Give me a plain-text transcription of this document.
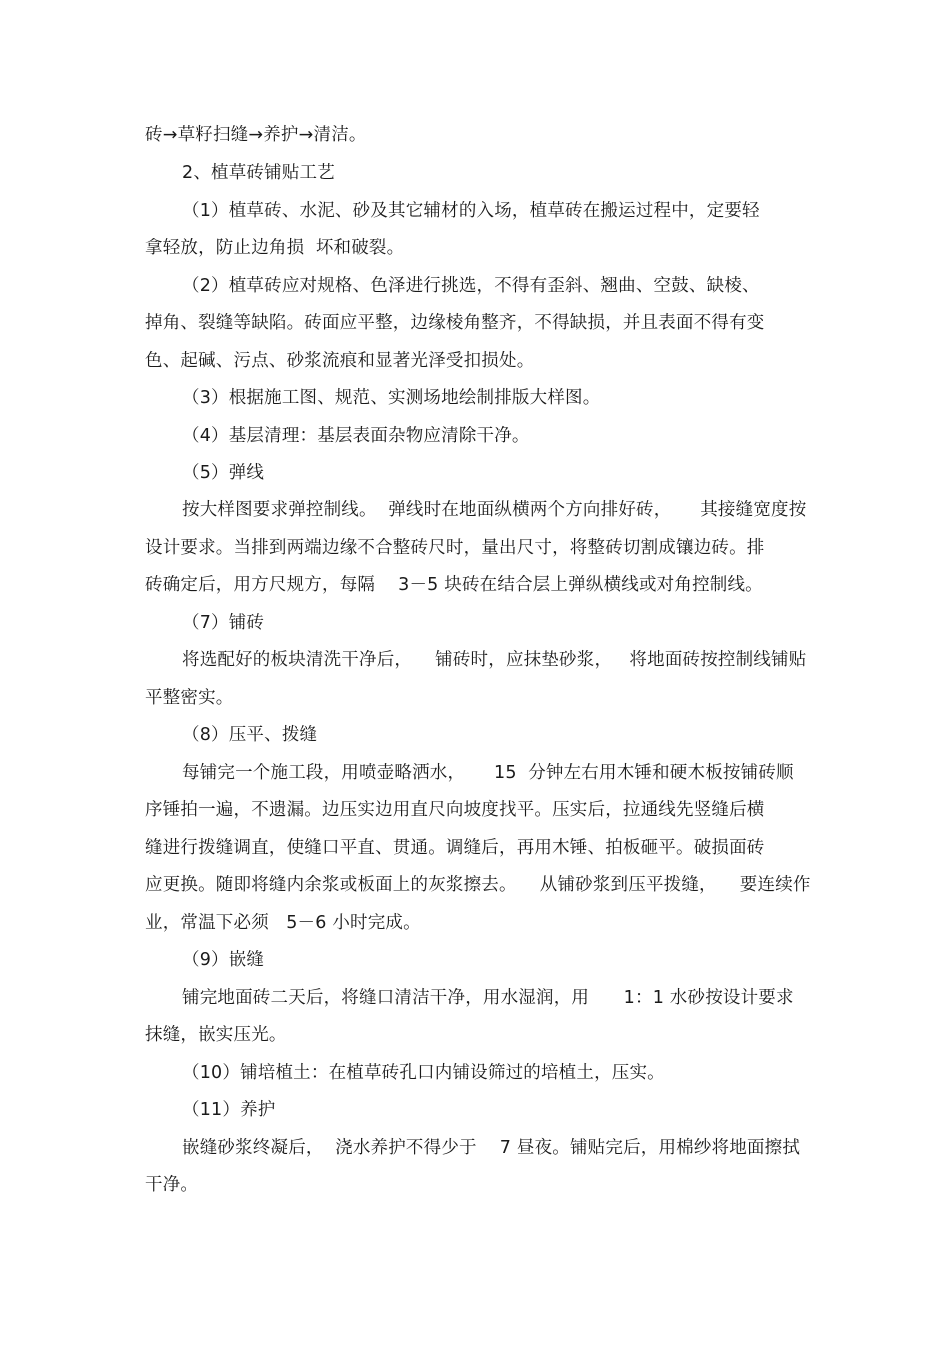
砖→草籽扫缝→养护→清洁。
2、植草砖铺贴工艺
（1）植草砖、水泥、砂及其它辅材的入场，植草砖在搬运过程中，定要轻
拿轻放，防止边角损  坏和破裂。
（2）植草砖应对规格、色泽进行挑选，不得有歪斜、翘曲、空鼓、缺棱、
掉角、裂缝等缺陷。砖面应平整，边缘棱角整齐，不得缺损，并且表面不得有变
色、起碱、污点、砂浆流痕和显著光泽受扣损处。
（3）根据施工图、规范、实测场地绘制排版大样图。
（4）基层清理：基层表面杂物应清除干净。
（5）弹线
按大样图要求弹控制线。  弹线时在地面纵横两个方向排好砖，     其接缝宽度按
设计要求。当排到两端边缘不合整砖尺时，量出尺寸，将整砖切割成镶边砖。排
砖确定后，用方尺规方，每隔    3－5 块砖在结合层上弹纵横线或对角控制线。
（7）铺砖
将选配好的板块清洗干净后，    铺砖时，应抹垫砂浆，   将地面砖按控制线铺贴
平整密实。
（8）压平、拨缝
每铺完一个施工段，用喷壶略洒水，     15  分钟左右用木锤和硬木板按铺砖顺
序锤拍一遍，不遗漏。边压实边用直尺向坡度找平。压实后，拉通线先竖缝后横
缝进行拨缝调直，使缝口平直、贯通。调缝后，再用木锤、拍板砸平。破损面砖
应更换。随即将缝内余浆或板面上的灰浆擦去。    从铺砂浆到压平拨缝，    要连续作
业，常温下必须   5－6 小时完成。
（9）嵌缝
铺完地面砖二天后，将缝口清洁干净，用水湿润，用      1：1 水砂按设计要求
抹缝，嵌实压光。
（10）铺培植土：在植草砖孔口内铺设筛过的培植土，压实。
（11）养护
嵌缝砂浆终凝后，  浇水养护不得少于    7 昼夜。铺贴完后，用棉纱将地面擦拭
干净。
